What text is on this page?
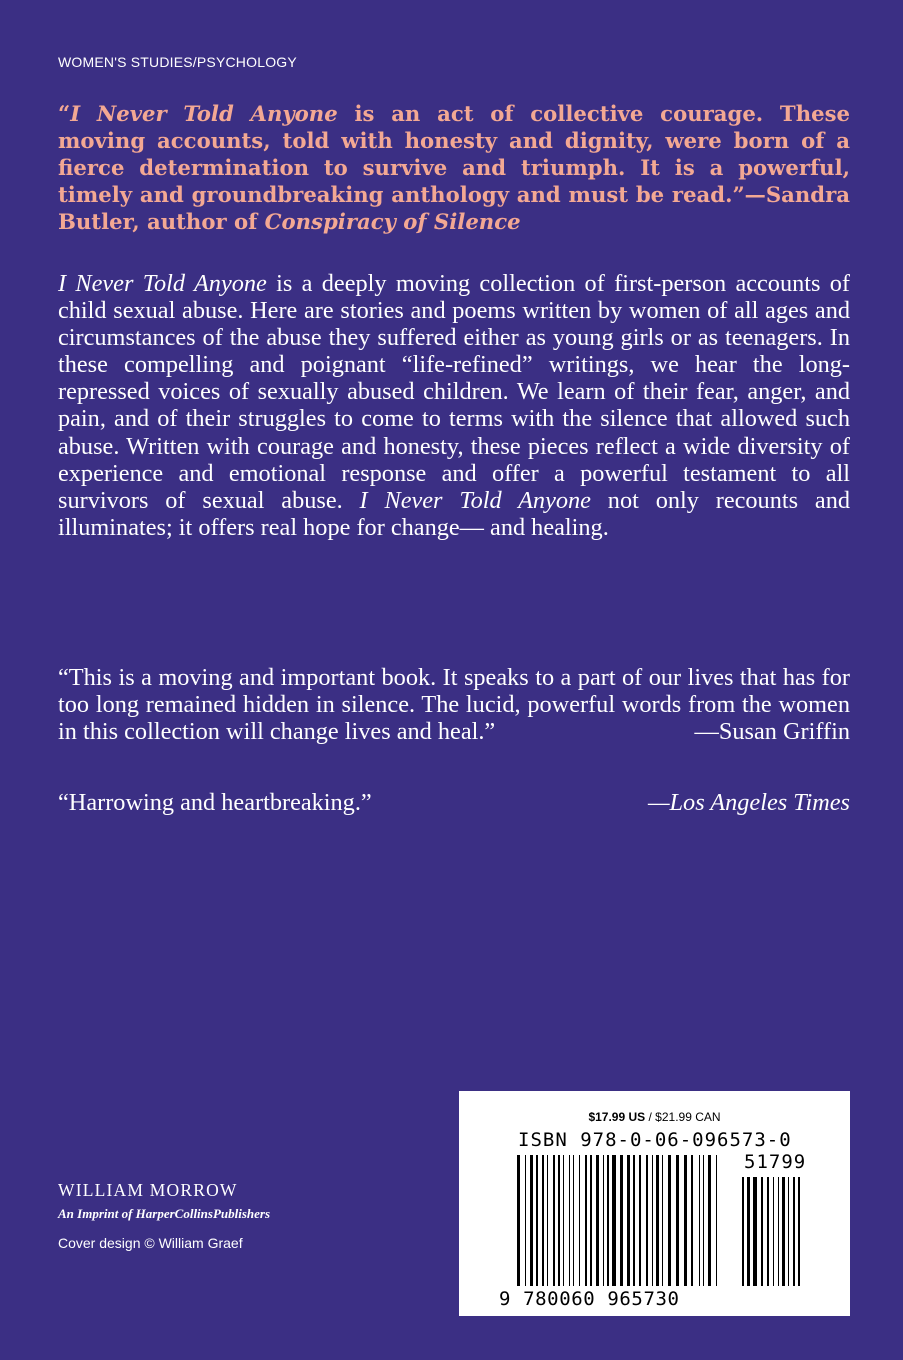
WOMEN'S STUDIES/PSYCHOLOGY

“I Never Told Anyone is an act of collective courage. These moving accounts, told with honesty and dignity, were born of a fierce determination to survive and triumph. It is a powerful, timely and groundbreaking anthology and must be read.”—Sandra Butler, author of Conspiracy of Silence

I Never Told Anyone is a deeply moving collection of first-person accounts of child sexual abuse. Here are stories and poems written by women of all ages and circumstances of the abuse they suffered either as young girls or as teenagers. In these compelling and poignant “life-refined” writings, we hear the long-repressed voices of sexually abused children. We learn of their fear, anger, and pain, and of their struggles to come to terms with the silence that allowed such abuse. Written with courage and honesty, these pieces reflect a wide diversity of experience and emotional response and offer a powerful testament to all survivors of sexual abuse. I Never Told Anyone not only recounts and illuminates; it offers real hope for change— and healing.

“This is a moving and important book. It speaks to a part of our lives that has for too long remained hidden in silence. The lucid, powerful words from the women in this collection will change lives and heal.”	—Susan Griffin

“Harrowing and heartbreaking.”	—Los Angeles Times
WILLIAM MORROW
An Imprint of HarperCollinsPublishers
Cover design © William Graef
$17.99 US / $21.99 CAN
ISBN 978-0-06-096573-0
51799
9 780060 965730
